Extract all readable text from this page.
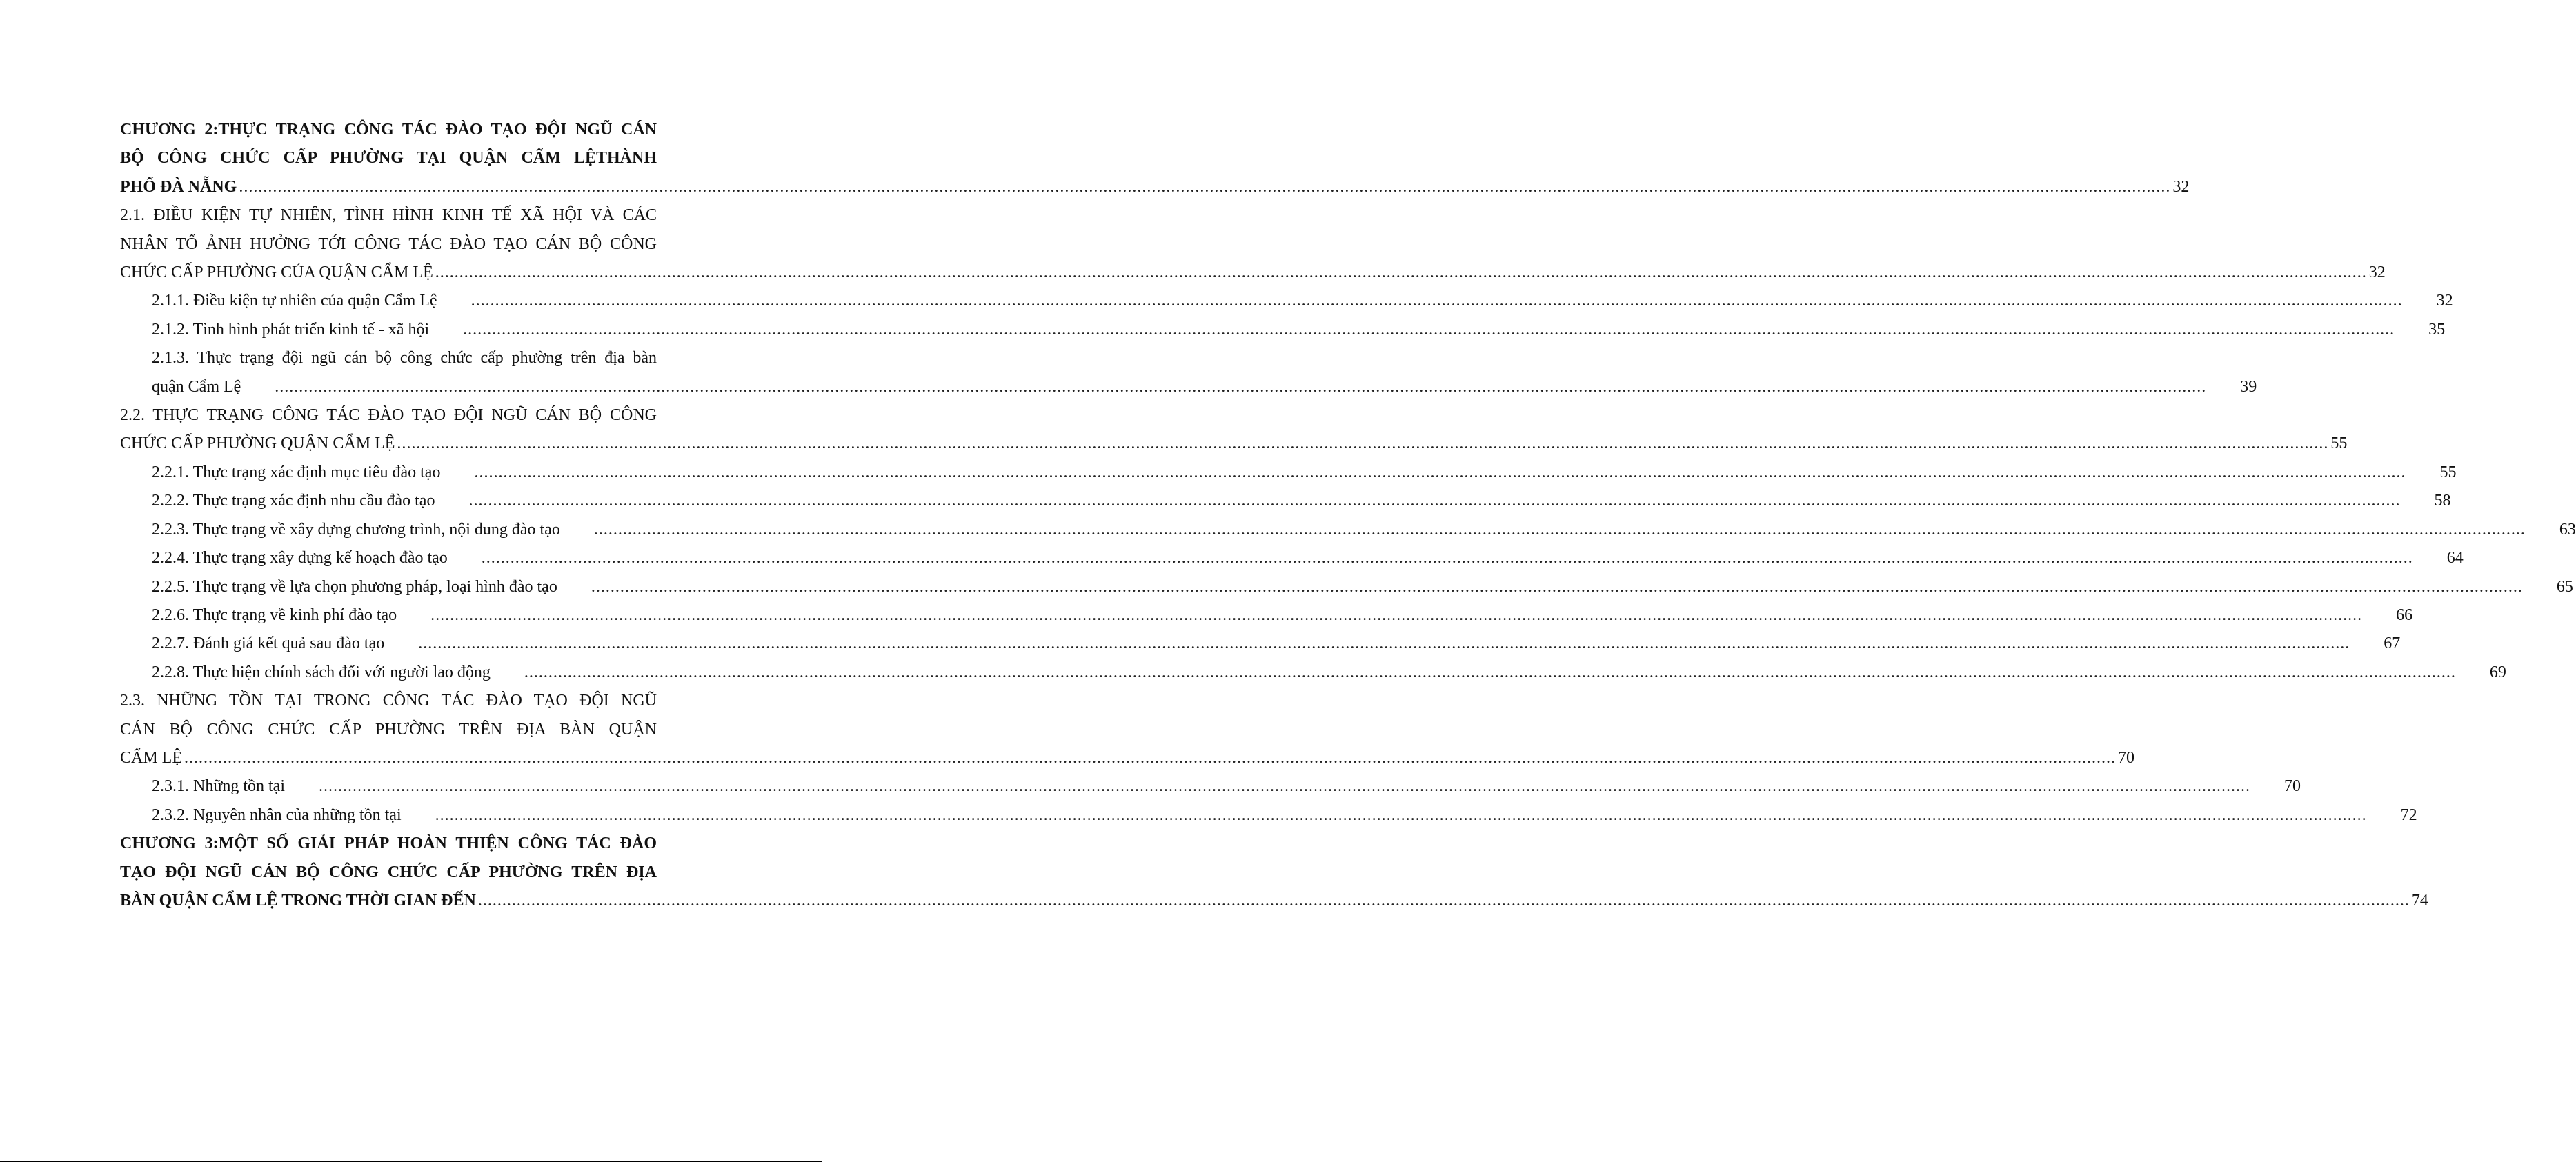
CHƯƠNG 2:THỰC TRẠNG CÔNG TÁC ĐÀO TẠO ĐỘI NGŨ CÁN
BỘ CÔNG CHỨC CẤP PHƯỜNG TẠI QUẬN CẨM LỆTHÀNH
PHỐ ĐÀ NẴNG ................................................................................................................................................................................................................................................................................................................................................................................................................ 32
2.1. ĐIỀU KIỆN TỰ NHIÊN, TÌNH HÌNH KINH TẾ XÃ HỘI VÀ CÁC
NHÂN TỐ ẢNH HƯỞNG TỚI CÔNG TÁC ĐÀO TẠO CÁN BỘ CÔNG
CHỨC CẤP PHƯỜNG CỦA QUẬN CẨM LỆ ................................................................................................................................................................................................................................................................................................................................................................................................................ 32
2.1.1. Điều kiện tự nhiên của quận Cẩm Lệ	................................................................................................................................................................................................................................................................................................................................................................................................................	32
2.1.2. Tình hình phát triển kinh tế - xã hội	................................................................................................................................................................................................................................................................................................................................................................................................................	35
2.1.3. Thực trạng đội ngũ cán bộ công chức cấp phường trên địa bàn
quận Cẩm Lệ	................................................................................................................................................................................................................................................................................................................................................................................................................	39
2.2. THỰC TRẠNG CÔNG TÁC ĐÀO TẠO ĐỘI NGŨ CÁN BỘ CÔNG
CHỨC CẤP PHƯỜNG QUẬN CẨM LỆ ................................................................................................................................................................................................................................................................................................................................................................................................................ 55
2.2.1. Thực trạng xác định mục tiêu đào tạo	................................................................................................................................................................................................................................................................................................................................................................................................................	55
2.2.2. Thực trạng xác định nhu cầu đào tạo	................................................................................................................................................................................................................................................................................................................................................................................................................	58
2.2.3. Thực trạng về xây dựng chương trình, nội dung đào tạo	................................................................................................................................................................................................................................................................................................................................................................................................................	63
2.2.4. Thực trạng xây dựng kế hoạch đào tạo	................................................................................................................................................................................................................................................................................................................................................................................................................	64
2.2.5. Thực trạng về lựa chọn phương pháp, loại hình đào tạo	................................................................................................................................................................................................................................................................................................................................................................................................................	65
2.2.6. Thực trạng về kinh phí đào tạo	................................................................................................................................................................................................................................................................................................................................................................................................................	66
2.2.7. Đánh giá kết quả sau đào tạo	................................................................................................................................................................................................................................................................................................................................................................................................................	67
2.2.8. Thực hiện chính sách đối với người lao động	................................................................................................................................................................................................................................................................................................................................................................................................................	69
2.3. NHỮNG TỒN TẠI TRONG CÔNG TÁC ĐÀO TẠO ĐỘI NGŨ
CÁN BỘ CÔNG CHỨC CẤP PHƯỜNG TRÊN ĐỊA BÀN QUẬN
CẨM LỆ ................................................................................................................................................................................................................................................................................................................................................................................................................ 70
2.3.1. Những tồn tại	................................................................................................................................................................................................................................................................................................................................................................................................................	70
2.3.2. Nguyên nhân của những tồn tại	................................................................................................................................................................................................................................................................................................................................................................................................................	72
CHƯƠNG 3:MỘT SỐ GIẢI PHÁP HOÀN THIỆN CÔNG TÁC ĐÀO
TẠO ĐỘI NGŨ CÁN BỘ CÔNG CHỨC CẤP PHƯỜNG TRÊN ĐỊA
BÀN QUẬN CẨM LỆ TRONG THỜI GIAN ĐẾN ................................................................................................................................................................................................................................................................................................................................................................................................................ 74
